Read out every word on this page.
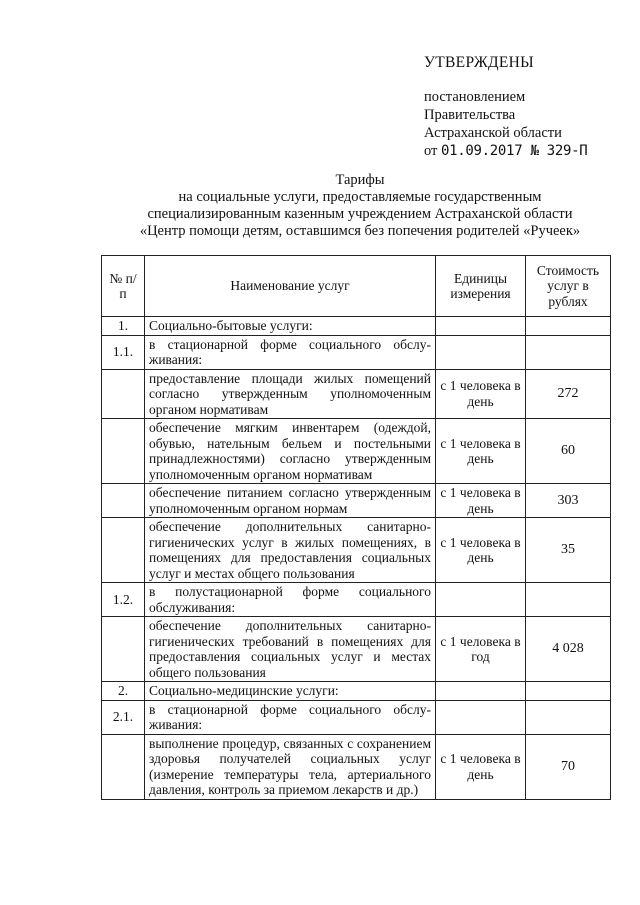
УТВЕРЖДЕНЫ
постановлением
Правительства
Астраханской области
от 01.09.2017 № 329-П
Тарифы
на социальные услуги, предоставляемые государственным
специализированным казенным учреждением Астраханской области
«Центр помощи детям, оставшимся без попечения родителей «Ручеек»
№ п/п	Наименование услуг	Единицы измерения	Стоимость услуг в рублях
1.	Социально-бытовые услуги:		
1.1.	в стационарной форме социального обслу-живания:		
	предоставление площади жилых помещений согласно утвержденным уполномоченным органом нормативам	с 1 человека в день	272
	обеспечение мягким инвентарем (одеждой, обувью, нательным бельем и постельными принадлежностями) согласно утвержденным уполномоченным органом нормативам	с 1 человека в день	60
	обеспечение питанием согласно утвержденным уполномоченным органом нормам	с 1 человека в день	303
	обеспечение дополнительных санитарно-гигиенических услуг в жилых помещениях, в помещениях для предоставления социальных услуг и местах общего пользования	с 1 человека в день	35
1.2.	в полустационарной форме социального обслуживания:		
	обеспечение дополнительных санитарно-гигиенических требований в помещениях для предоставления социальных услуг и местах общего пользования	с 1 человека в год	4 028
2.	Социально-медицинские услуги:		
2.1.	в стационарной форме социального обслу-живания:		
	выполнение процедур, связанных с сохранением здоровья получателей социальных услуг (измерение температуры тела, артериального давления, контроль за приемом лекарств и др.)	с 1 человека в день	70
